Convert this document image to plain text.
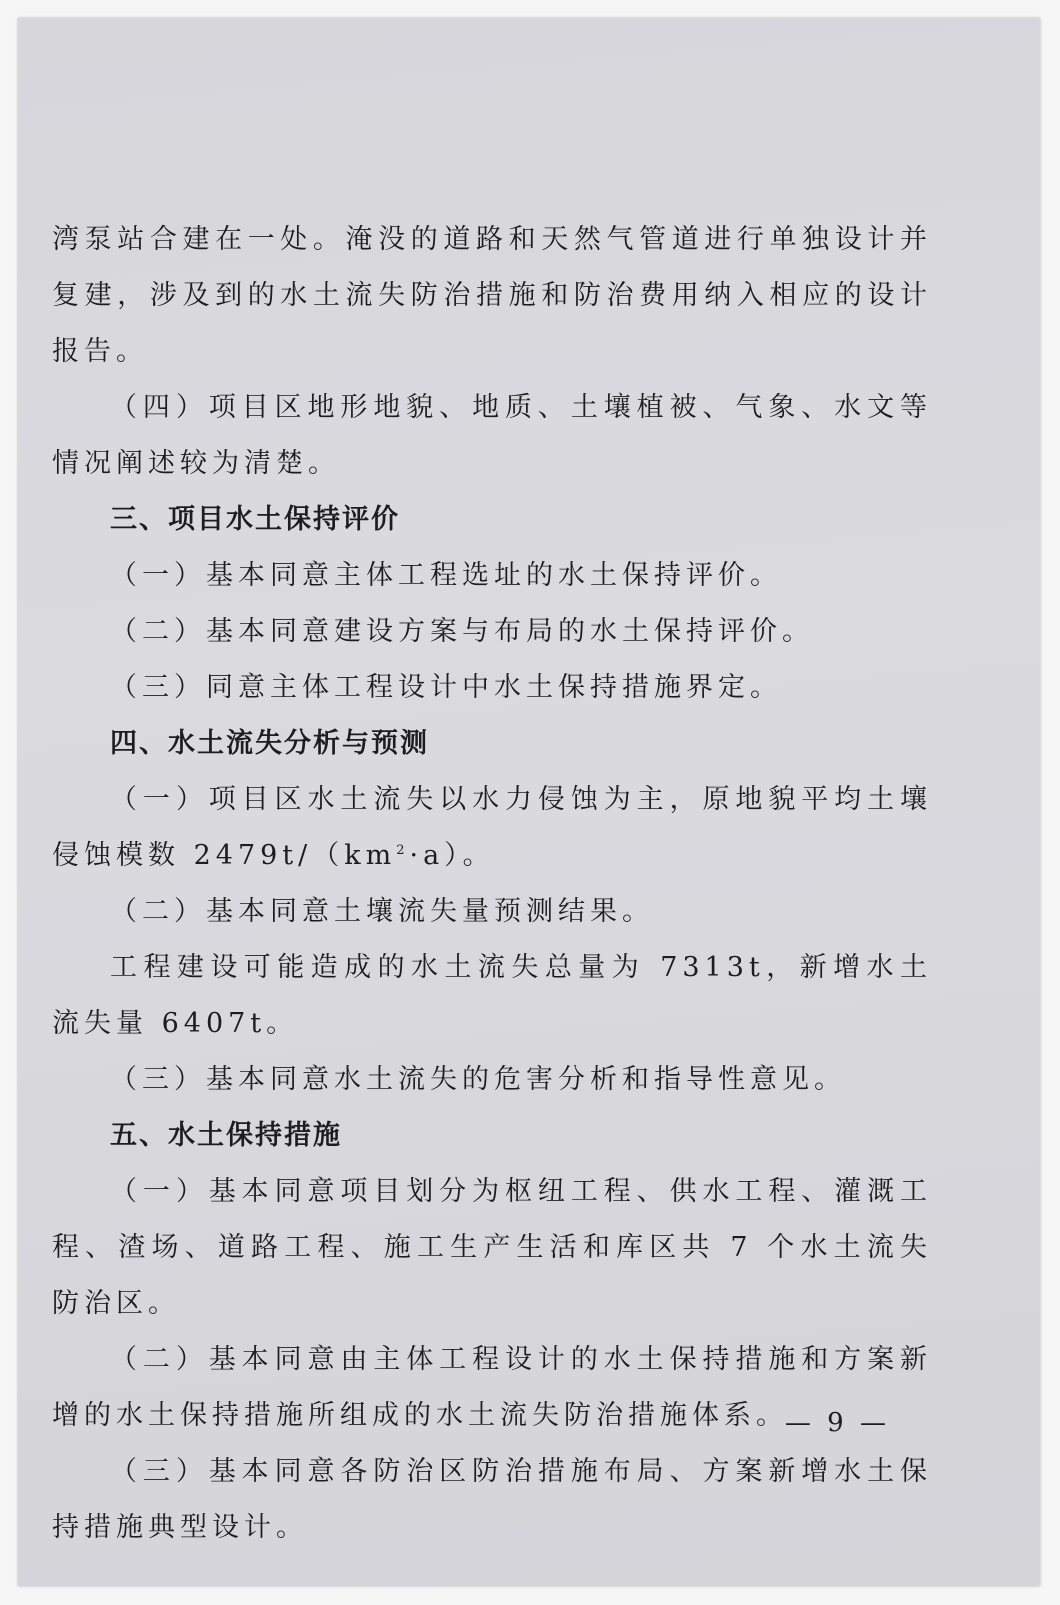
湾泵站合建在一处。淹没的道路和天然气管道进行单独设计并复建，涉及到的水土流失防治措施和防治费用纳入相应的设计报告。

（四）项目区地形地貌、地质、土壤植被、气象、水文等情况阐述较为清楚。

三、项目水土保持评价

（一）基本同意主体工程选址的水土保持评价。

（二）基本同意建设方案与布局的水土保持评价。

（三）同意主体工程设计中水土保持措施界定。

四、水土流失分析与预测

（一）项目区水土流失以水力侵蚀为主，原地貌平均土壤侵蚀模数 $2479t/(km^2\cdot a)$。

（二）基本同意土壤流失量预测结果。

工程建设可能造成的水土流失总量为 7313t，新增水土流失量 6407t。

（三）基本同意水土流失的危害分析和指导性意见。

五、水土保持措施

（一）基本同意项目划分为枢纽工程、供水工程、灌溉工程、渣场、道路工程、施工生产生活和库区共 7 个水土流失防治区。

（二）基本同意由主体工程设计的水土保持措施和方案新增的水土保持措施所组成的水土流失防治措施体系。

（三）基本同意各防治区防治措施布局、方案新增水土保持措施典型设计。

— 9 —
